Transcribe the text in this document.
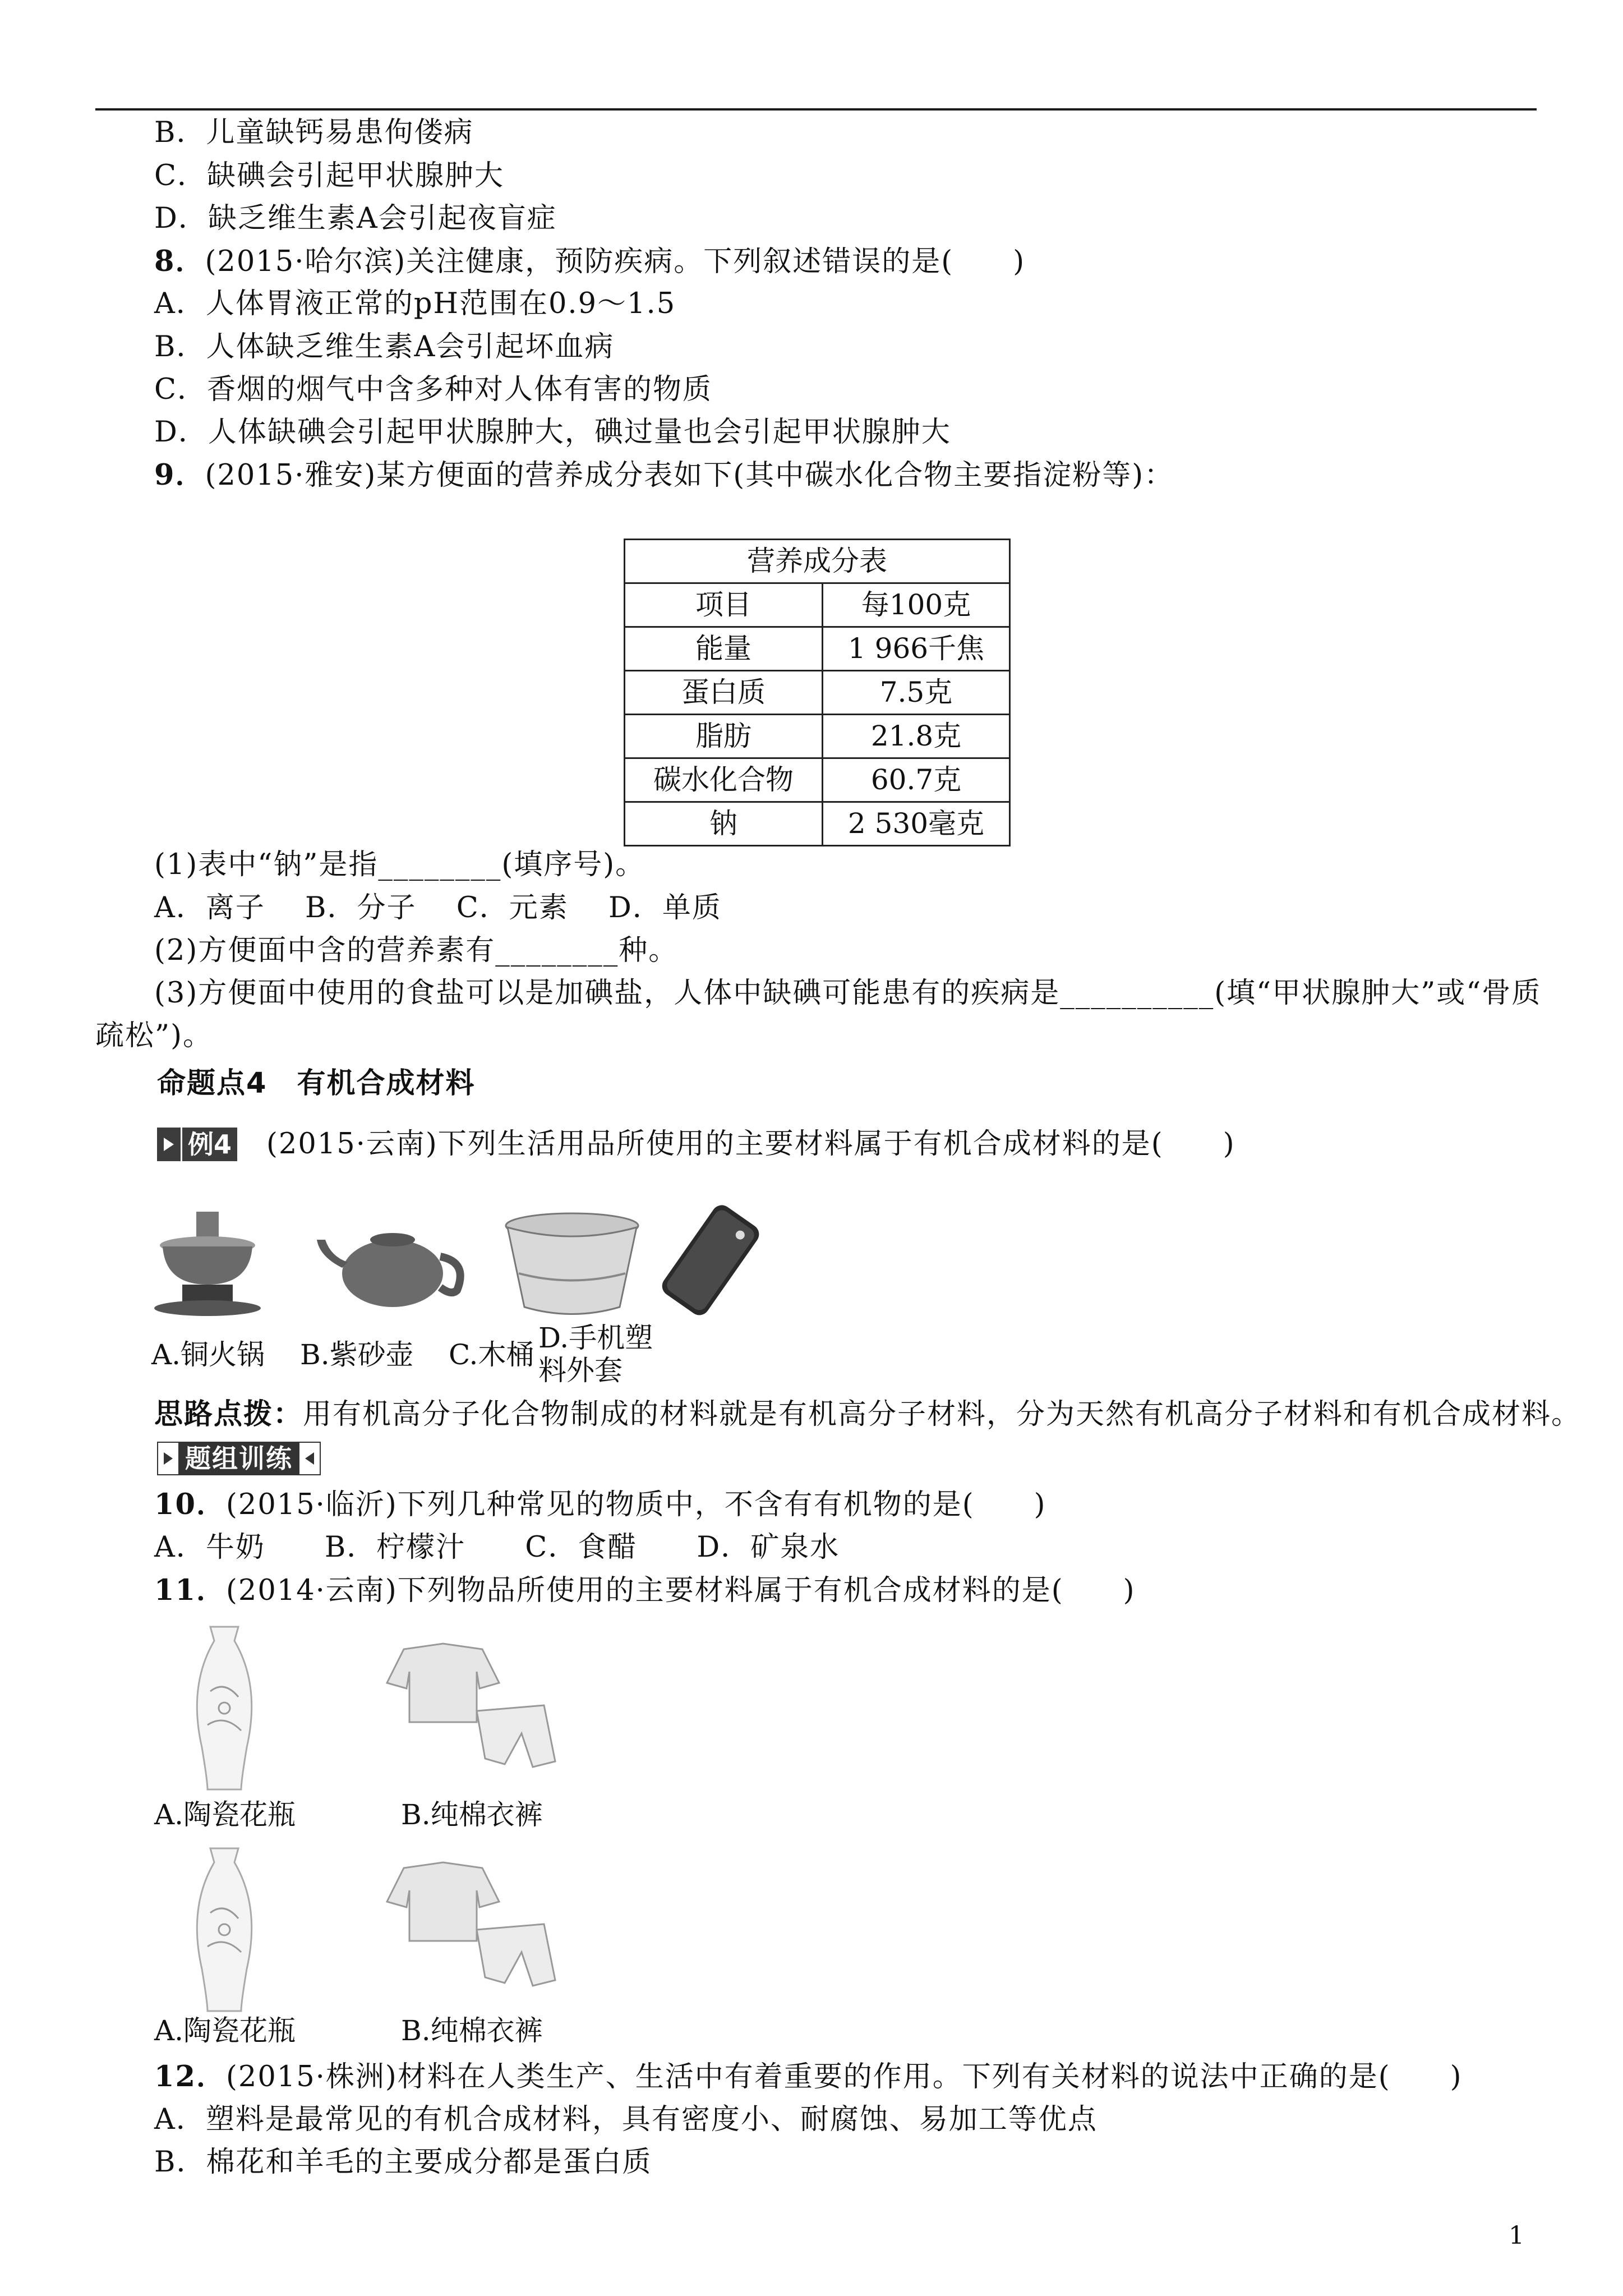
B．儿童缺钙易患佝偻病
C．缺碘会引起甲状腺肿大
D．缺乏维生素A会引起夜盲症
8．(2015·哈尔滨)关注健康，预防疾病。下列叙述错误的是(　　)
A．人体胃液正常的pH范围在0.9～1.5
B．人体缺乏维生素A会引起坏血病
C．香烟的烟气中含多种对人体有害的物质
D．人体缺碘会引起甲状腺肿大，碘过量也会引起甲状腺肿大
9．(2015·雅安)某方便面的营养成分表如下(其中碳水化合物主要指淀粉等)：
营养成分表	
项目	每100克
能量	1 966千焦
蛋白质	7.5克
脂肪	21.8克
碳水化合物	60.7克
钠	2 530毫克
(1)表中“钠”是指________(填序号)。
A．离子　 B．分子　 C．元素　 D．单质
(2)方便面中含的营养素有________种。
(3)方便面中使用的食盐可以是加碘盐，人体中缺碘可能患有的疾病是__________(填“甲状腺肿大”或“骨质
疏松”)。
命题点4　有机合成材料
例4 (2015·云南)下列生活用品所使用的主要材料属于有机合成材料的是(　　)
A.铜火锅 B.紫砂壶 C.木桶
D.手机塑
料外套
思路点拨：用有机高分子化合物制成的材料就是有机高分子材料，分为天然有机高分子材料和有机合成材料。
题组训练
10．(2015·临沂)下列几种常见的物质中，不含有有机物的是(　　)
A．牛奶　　B．柠檬汁　　C．食醋　　D．矿泉水
11．(2014·云南)下列物品所使用的主要材料属于有机合成材料的是(　　)
A.陶瓷花瓶	B.纯棉衣裤
A.陶瓷花瓶	B.纯棉衣裤
12．(2015·株洲)材料在人类生产、生活中有着重要的作用。下列有关材料的说法中正确的是(　　)
A．塑料是最常见的有机合成材料，具有密度小、耐腐蚀、易加工等优点
B．棉花和羊毛的主要成分都是蛋白质
1
